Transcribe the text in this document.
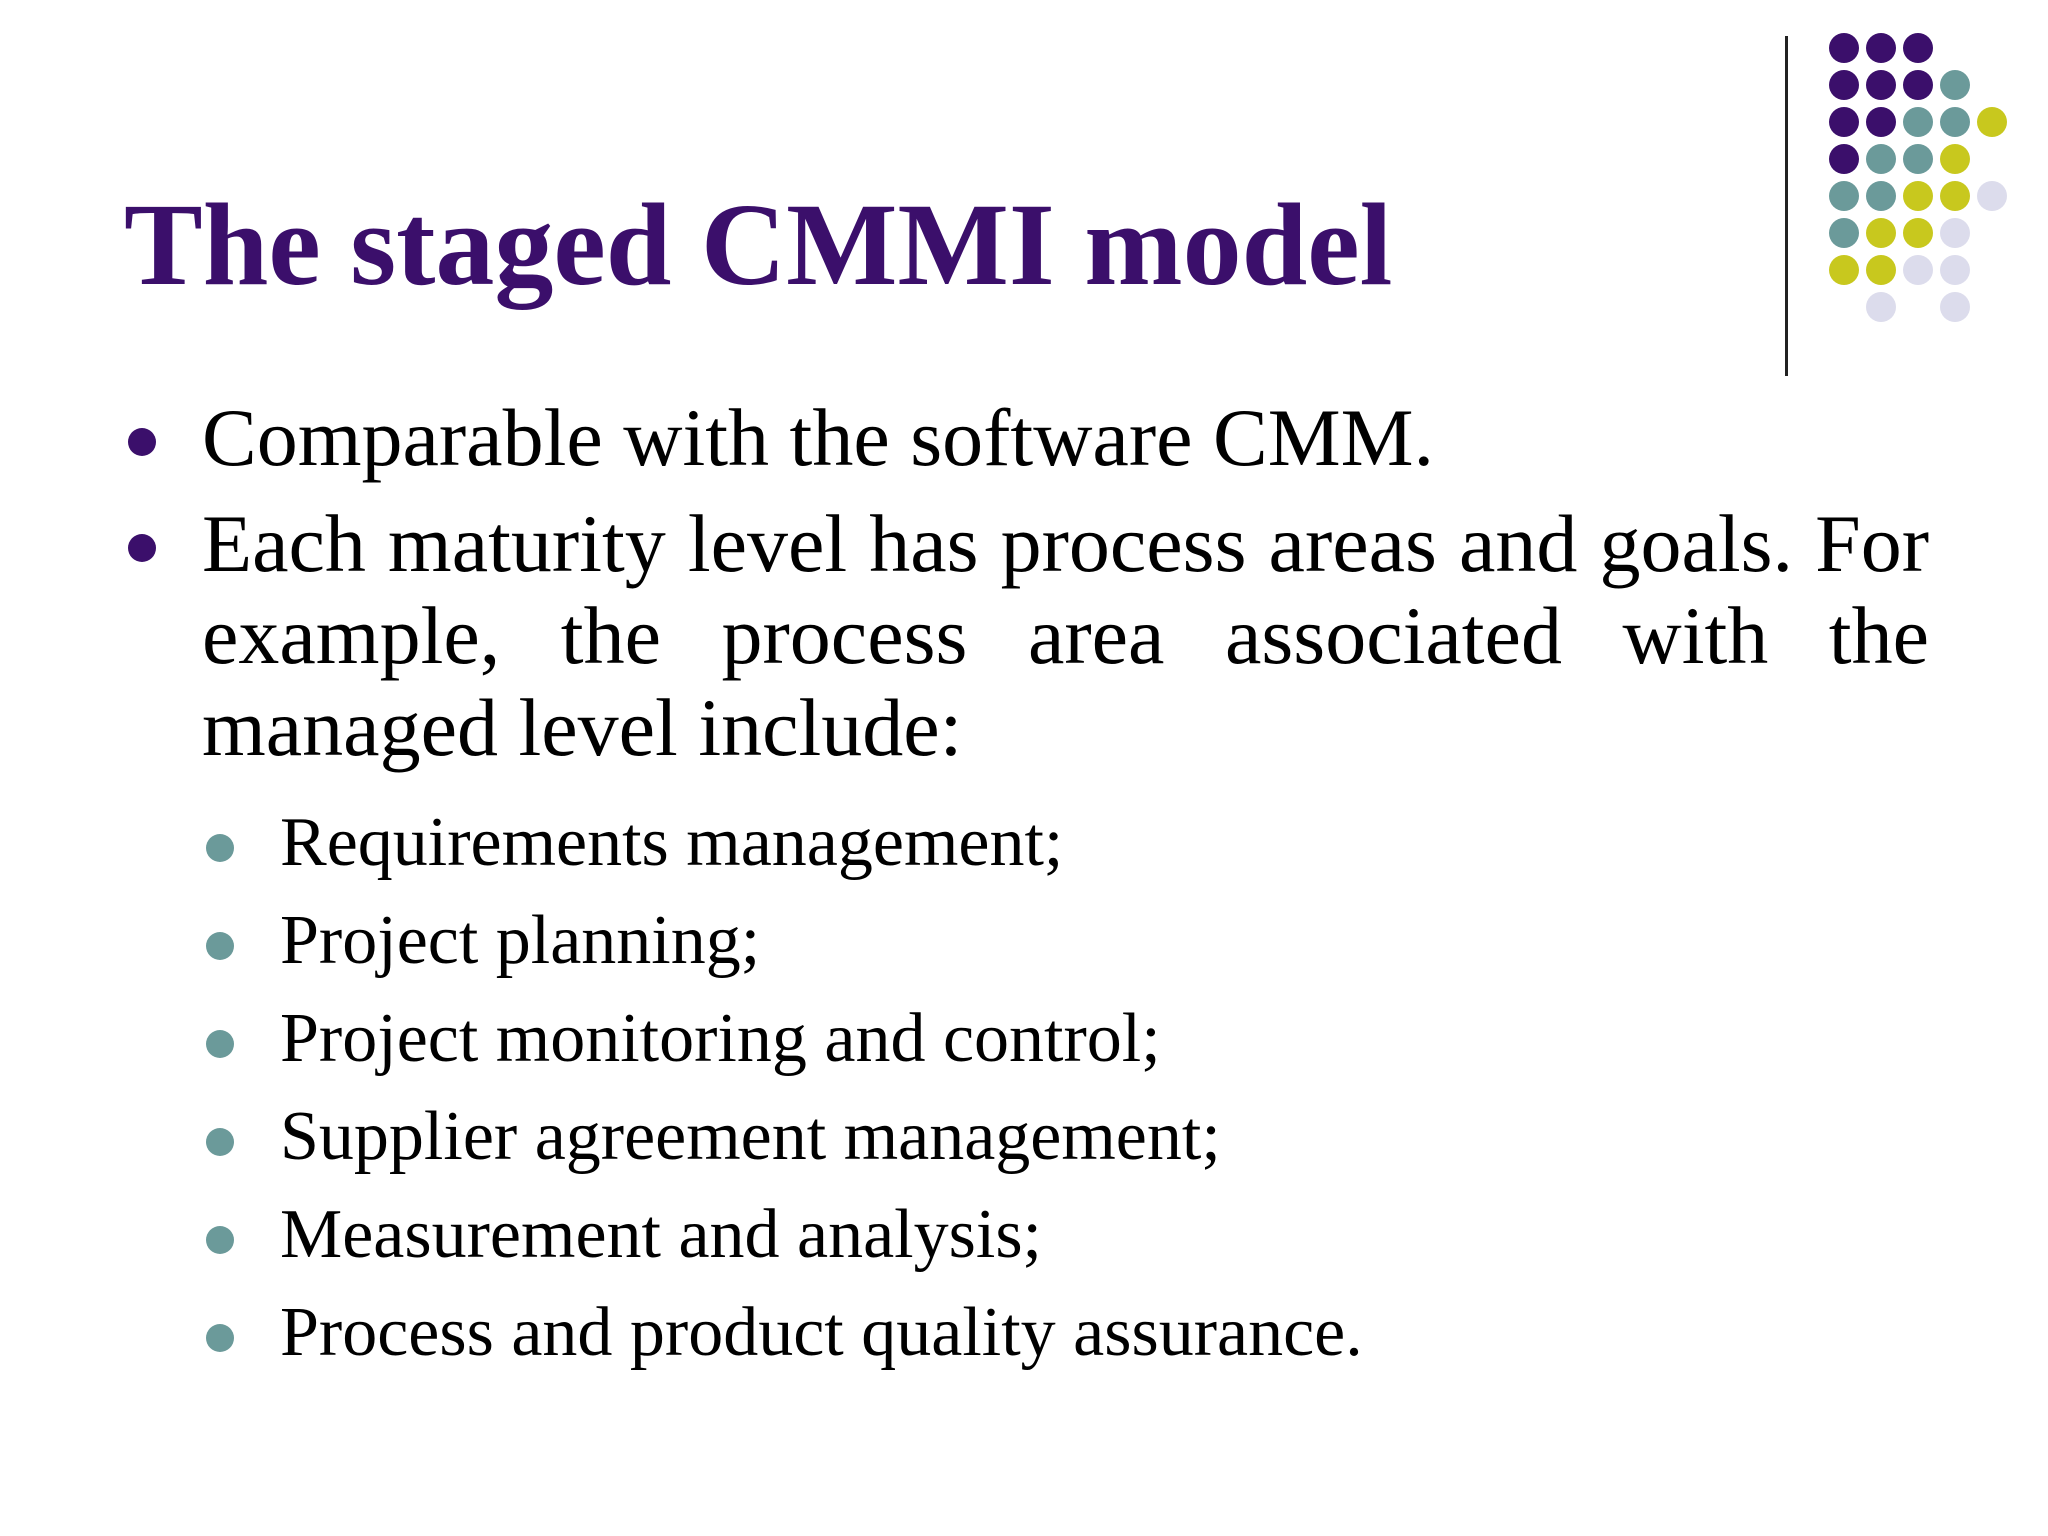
The staged CMMI model

Comparable with the software CMM.

Each maturity level has process areas and goals. For example, the process area associated with the managed level include:

Requirements management;

Project planning;

Project monitoring and control;

Supplier agreement management;

Measurement and analysis;

Process and product quality assurance.
